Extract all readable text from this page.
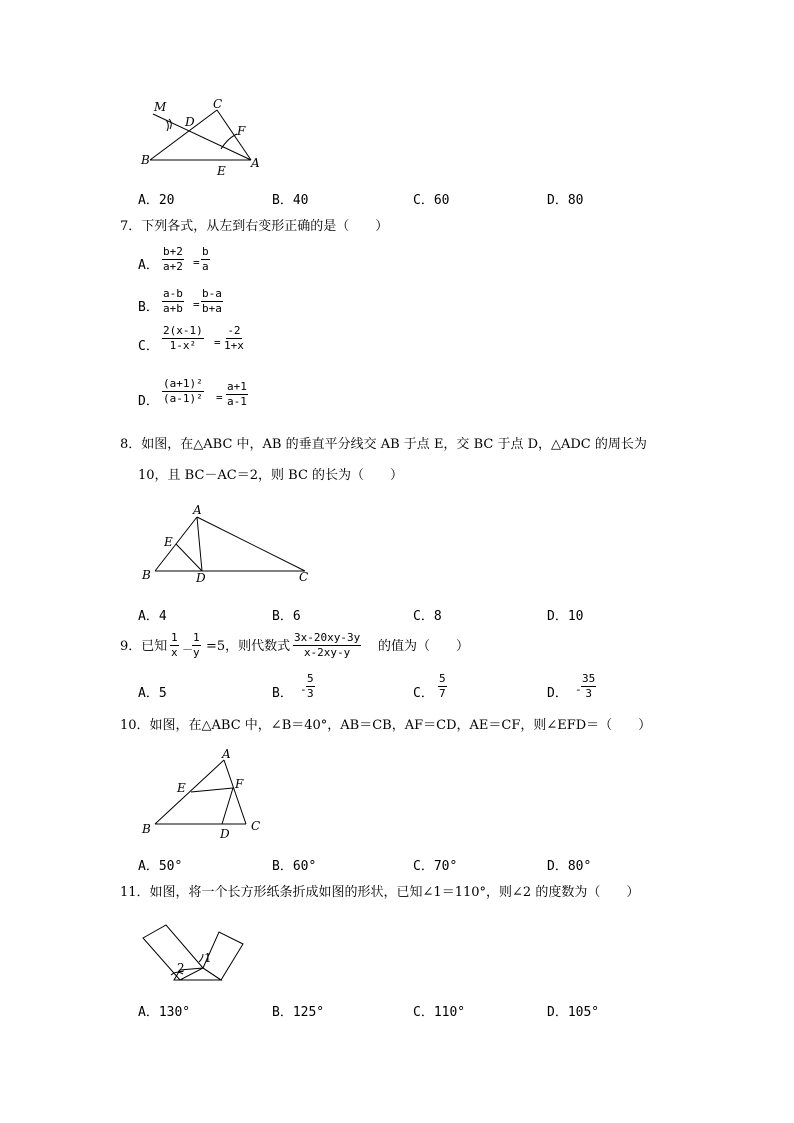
M	C
D
F
B
E
A
A．20	B．40	C．60	D．80
7．下列各式，从左到右变形正确的是（　　）
A． $\frac{b+2}{a+2} = \frac{b}{a}$
B． $\frac{a-b}{a+b} = \frac{b-a}{b+a}$
C． $\frac{2(x-1)}{\text{1-x²}} = \frac{-2}{1+x}$
D． $\frac{\text{(a+1)²}}{\text{(a-1)²}} = \frac{a+1}{a-1}$
8．如图，在△ABC 中，AB 的垂直平分线交 AB 于点 E，交 BC 于点 D，△ADC 的周长为
10，且 BC－AC＝2，则 BC 的长为（　　）
A
E
B	D	C
A．4	B．6	C．8	D．10
9．已知 $\frac{1}{x} - \frac{1}{y} =5$，则代数式 $\frac{3x-20xy-3y}{x-2xy-y}$ 的值为（　　）
A．5	B． - $\frac{5}{3}$	C． $\frac{5}{7}$	D． - $\frac{35}{3}$
10．如图，在△ABC 中，∠B＝40°，AB＝CB，AF＝CD，AE＝CF，则∠EFD＝（　　）
A
E	F
B	D
C
A．50°	B．60°	C．70°	D．80°
11．如图，将一个长方形纸条折成如图的形状，已知∠1＝110°，则∠2 的度数为（　　）
2
1
A．130°	B．125°	C．110°	D．105°
